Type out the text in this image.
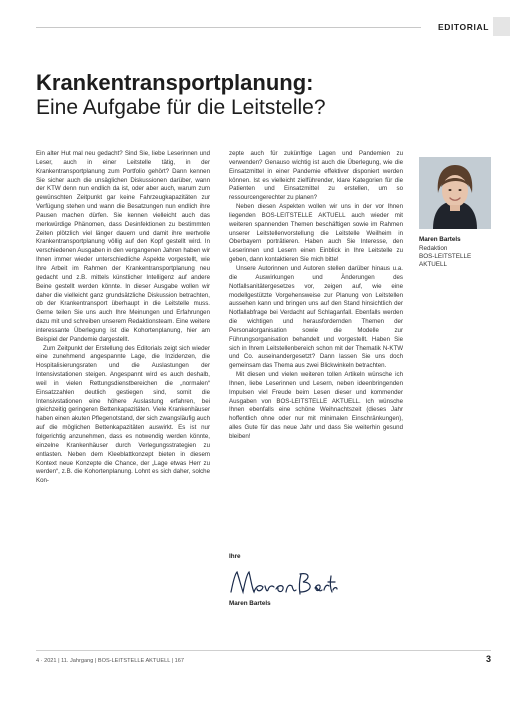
EDITORIAL
Krankentransportplanung:
Eine Aufgabe für die Leitstelle?

Ein alter Hut mal neu gedacht? Sind Sie, liebe Leserinnen und Leser, auch in einer Leitstelle tätig, in der Krankentransportplanung zum Portfolio gehört? Dann kennen Sie sicher auch die unsäglichen Diskussionen darüber, wann der KTW denn nun endlich da ist, oder aber auch, warum zum gewünschten Zeitpunkt gar keine Fahrzeugkapazitäten zur Verfügung stehen und wann die Besatzungen nun endlich ihre Pausen machen dürfen. Sie kennen vielleicht auch das merkwürdige Phänomen, dass Desinfektionen zu bestimmten Zeiten plötzlich viel länger dauern und damit ihre wertvolle Krankentransportplanung völlig auf den Kopf gestellt wird. In verschiedenen Ausgaben in den vergangenen Jahren haben wir Ihnen immer wieder unterschiedliche Aspekte vorgestellt, wie Ihre Arbeit im Rahmen der Krankentransportplanung neu gedacht und z.B. mittels künstlicher Intelligenz auf andere Beine gestellt werden könnte. In dieser Ausgabe wollen wir daher die vielleicht ganz grundsätzliche Diskussion betrachten, ob der Krankentransport überhaupt in die Leitstelle muss. Gerne teilen Sie uns auch Ihre Meinungen und Erfahrungen dazu mit und schreiben unserem Redaktionsteam. Eine weitere interessante Überlegung ist die Kohortenplanung, hier am Beispiel der Pandemie dargestellt.

Zum Zeitpunkt der Erstellung des Editorials zeigt sich wieder eine zunehmend angespannte Lage, die Inzidenzen, die Hospitalisierungsraten und die Auslastungen der Intensivstationen steigen. Angespannt wird es auch deshalb, weil in vielen Rettungsdienstbereichen die „normalen“ Einsatzzahlen deutlich gestiegen sind, somit die Intensivstationen eine höhere Auslastung erfahren, bei gleichzeitig geringeren Bettenkapazitäten. Viele Krankenhäuser haben einen akuten Pflegenotstand, der sich zwangsläufig auch auf die möglichen Bettenkapazitäten auswirkt. Es ist nur folgerichtig anzunehmen, dass es notwendig werden könnte, einzelne Krankenhäuser durch Verlegungsstrategien zu entlasten. Neben dem Kleeblattkonzept bieten in diesem Kontext neue Konzepte die Chance, der „Lage etwas Herr zu werden“, z.B. die Kohortenplanung. Lohnt es sich daher, solche Kon-

zepte auch für zukünftige Lagen und Pandemien zu verwenden? Genauso wichtig ist auch die Überlegung, wie die Einsatzmittel in einer Pandemie effektiver disponiert werden können. Ist es vielleicht zielführender, klare Kategorien für die Patienten und Einsatzmittel zu erstellen, um so ressourcengerechter zu planen?

Neben diesen Aspekten wollen wir uns in der vor Ihnen liegenden BOS-LEITSTELLE AKTUELL auch wieder mit weiteren spannenden Themen beschäftigen sowie im Rahmen unserer Leitstellenvorstellung die Leitstelle Weilheim in Oberbayern porträtieren. Haben auch Sie Interesse, den Leserinnen und Lesern einen Einblick in Ihre Leitstelle zu geben, dann kontaktieren Sie mich bitte!

Unsere Autorinnen und Autoren stellen darüber hinaus u.a. die Auswirkungen und Änderungen des Notfallsanitätergesetzes vor, zeigen auf, wie eine modellgestützte Vorgehensweise zur Planung von Leitstellen aussehen kann und bringen uns auf den Stand hinsichtlich der Notfallabfrage bei Verdacht auf Schlaganfall. Ebenfalls werden die wichtigen und herausfordernden Themen der Personalorganisation sowie die Modelle zur Führungsorganisation behandelt und vorgestellt. Haben Sie sich in Ihrem Leitstellenbereich schon mit der Thematik N-KTW und Co. auseinandergesetzt? Dann lassen Sie uns doch gemeinsam das Thema aus zwei Blickwinkeln betrachten.

Mit diesen und vielen weiteren tollen Artikeln wünsche ich Ihnen, liebe Leserinnen und Lesern, neben ideenbringenden Impulsen viel Freude beim Lesen dieser und kommender Ausgaben von BOS-LEITSTELLE AKTUELL. Ich wünsche Ihnen ebenfalls eine schöne Weihnachtszeit (dieses Jahr hoffentlich ohne oder nur mit minimalen Einschränkungen), alles Gute für das neue Jahr und dass Sie weiterhin gesund bleiben!

Ihre
Maren Bartels
Maren Bartels
Redaktion
BOS-LEITSTELLE
AKTUELL
4 · 2021 | 11. Jahrgang | BOS-LEITSTELLE AKTUELL | 167	3
